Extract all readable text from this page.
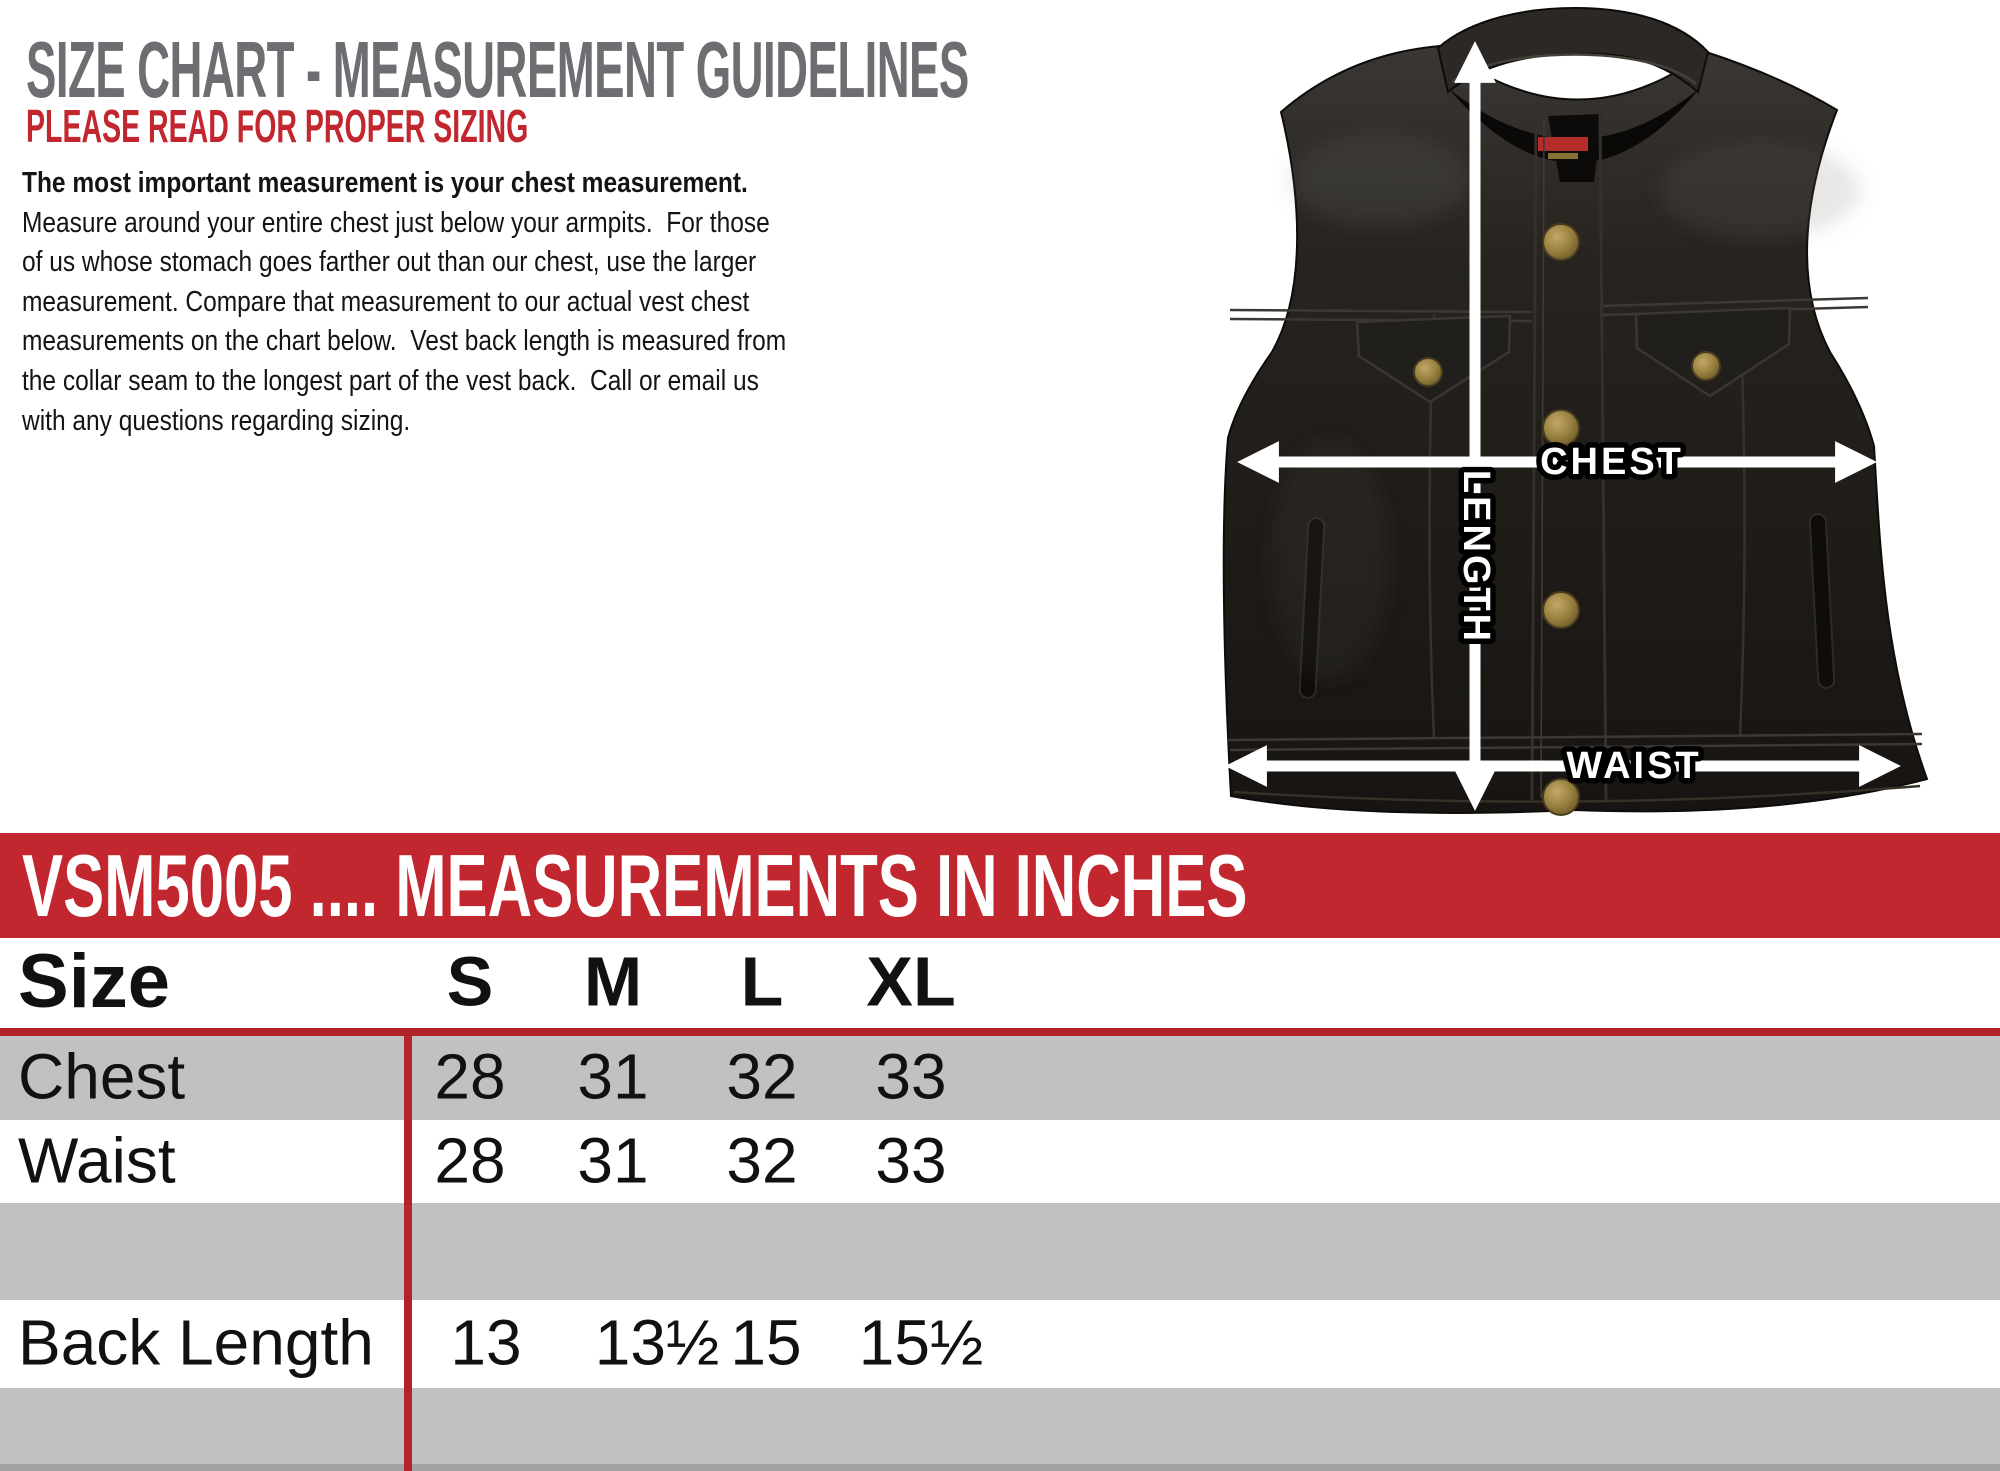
SIZE CHART - MEASUREMENT GUIDELINES
PLEASE READ FOR PROPER SIZING
The most important measurement is your chest measurement.
Measure around your entire chest just below your armpits.  For those
of us whose stomach goes farther out than our chest, use the larger
measurement. Compare that measurement to our actual vest chest
measurements on the chart below.  Vest back length is measured from
the collar seam to the longest part of the vest back.  Call or email us
with any questions regarding sizing.
CHEST
LENGTH
WAIST
VSM5005 .... MEASUREMENTS IN INCHES
Size	S M L XL
Chest	28 31 32 33
Waist	28 31 32 33
Back Length 13 13½ 15 15½
